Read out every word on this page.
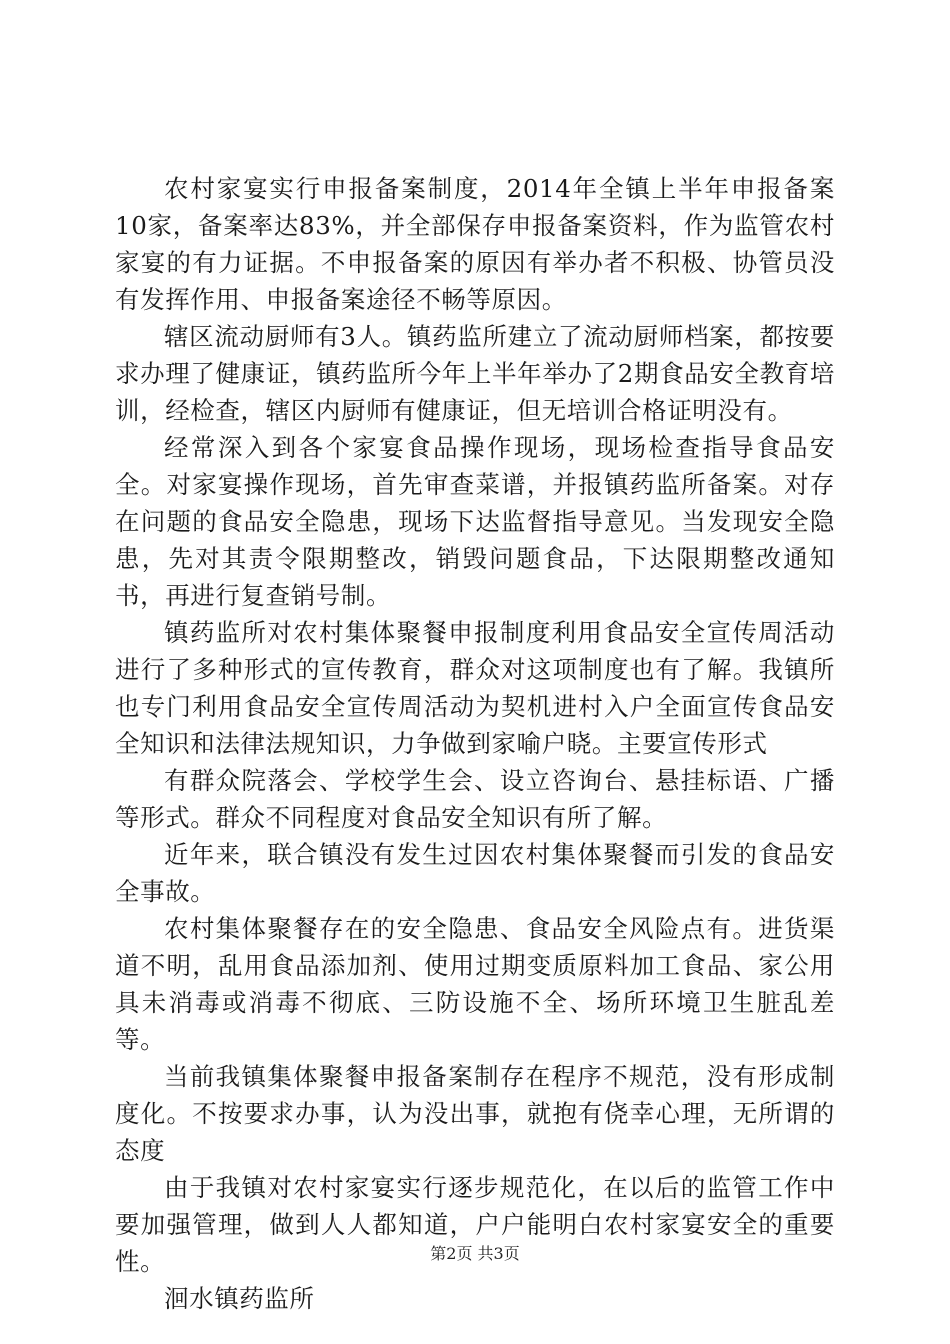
农村家宴实行申报备案制度，2014年全镇上半年申报备案10家，备案率达83%，并全部保存申报备案资料，作为监管农村家宴的有力证据。不申报备案的原因有举办者不积极、协管员没有发挥作用、申报备案途径不畅等原因。

辖区流动厨师有3人。镇药监所建立了流动厨师档案，都按要求办理了健康证，镇药监所今年上半年举办了2期食品安全教育培训，经检查，辖区内厨师有健康证，但无培训合格证明没有。

经常深入到各个家宴食品操作现场，现场检查指导食品安全。对家宴操作现场，首先审查菜谱，并报镇药监所备案。对存在问题的食品安全隐患，现场下达监督指导意见。当发现安全隐患，先对其责令限期整改，销毁问题食品，下达限期整改通知书，再进行复查销号制。

镇药监所对农村集体聚餐申报制度利用食品安全宣传周活动进行了多种形式的宣传教育，群众对这项制度也有了解。我镇所也专门利用食品安全宣传周活动为契机进村入户全面宣传食品安全知识和法律法规知识，力争做到家喻户晓。主要宣传形式

有群众院落会、学校学生会、设立咨询台、悬挂标语、广播等形式。群众不同程度对食品安全知识有所了解。

近年来，联合镇没有发生过因农村集体聚餐而引发的食品安全事故。

农村集体聚餐存在的安全隐患、食品安全风险点有。进货渠道不明，乱用食品添加剂、使用过期变质原料加工食品、家公用具未消毒或消毒不彻底、三防设施不全、场所环境卫生脏乱差等。

当前我镇集体聚餐申报备案制存在程序不规范，没有形成制度化。不按要求办事，认为没出事，就抱有侥幸心理，无所谓的态度

由于我镇对农村家宴实行逐步规范化，在以后的监管工作中要加强管理，做到人人都知道，户户能明白农村家宴安全的重要性。

洄水镇药监所

第2页 共3页
